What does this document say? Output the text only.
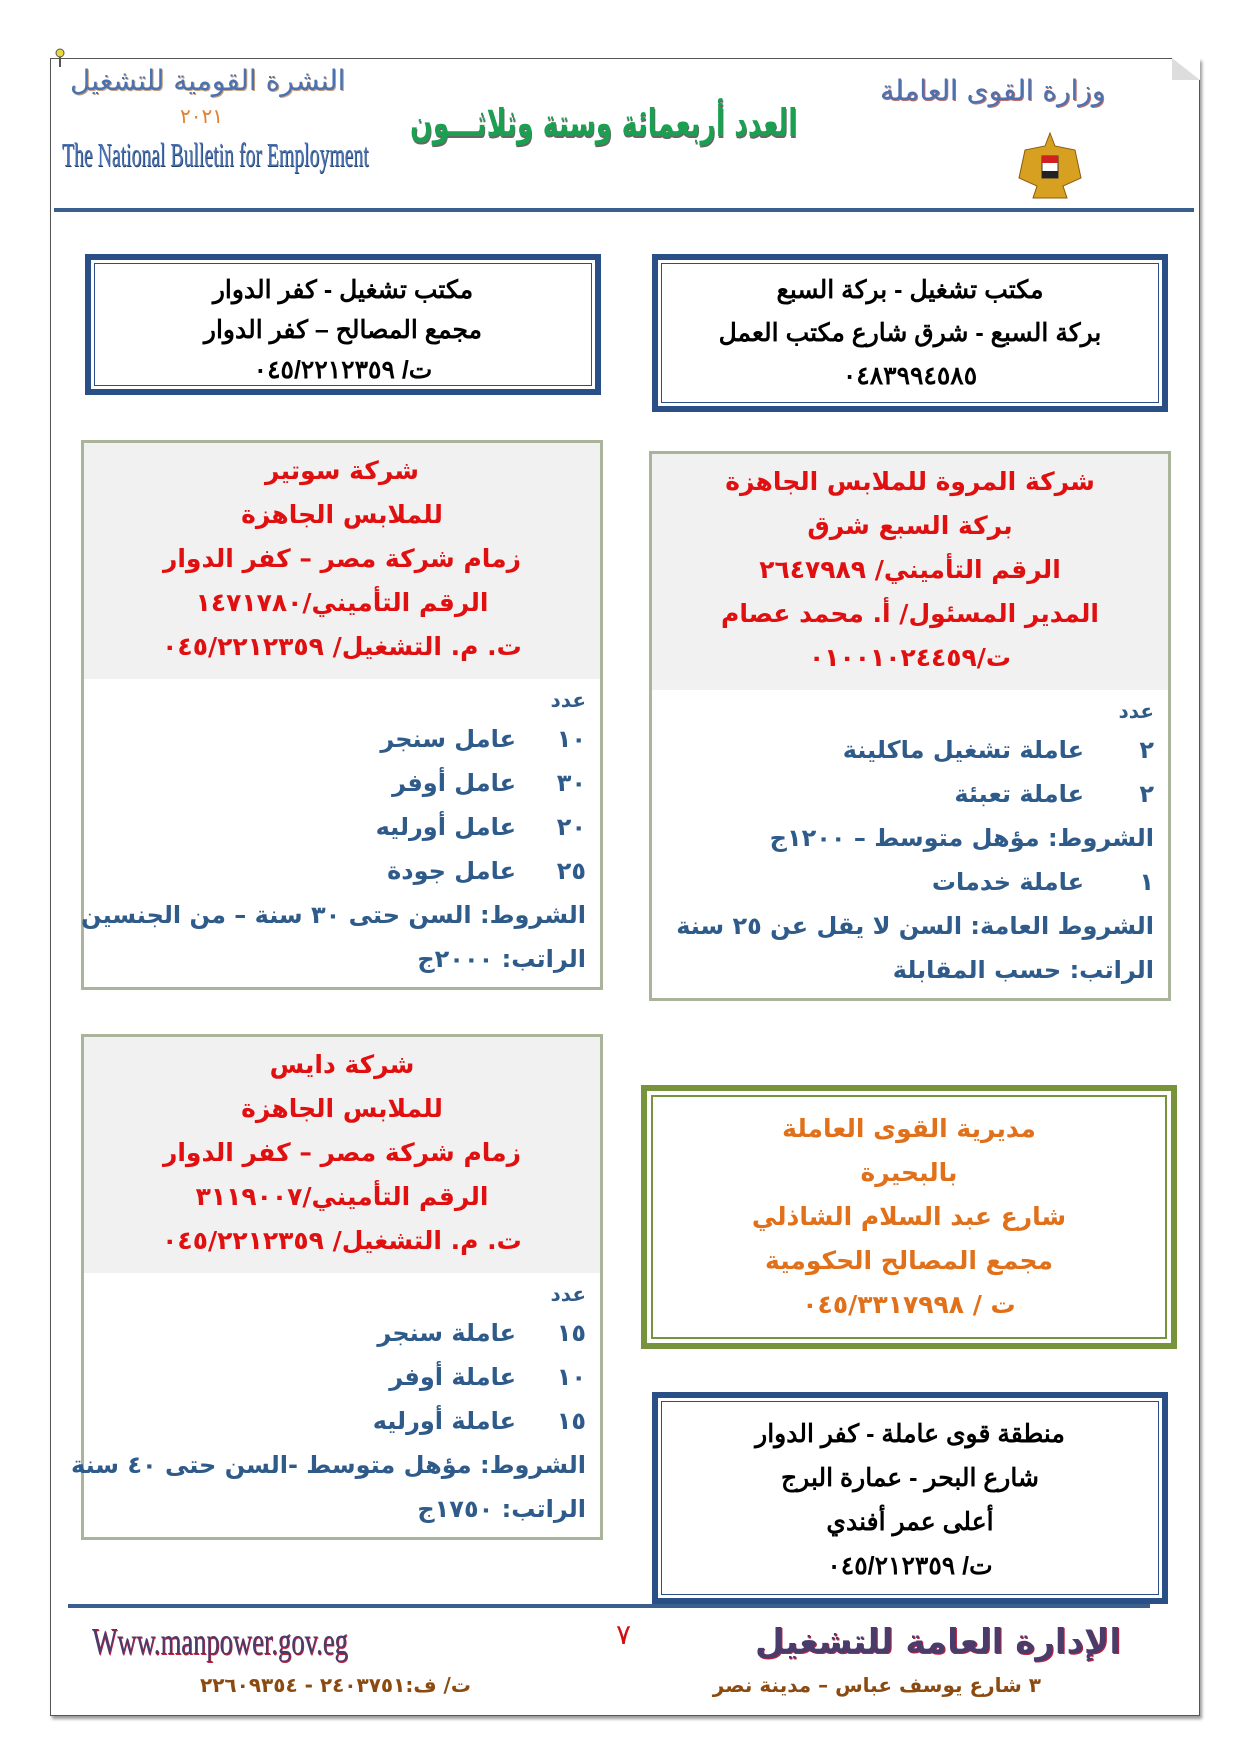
النشرة القومية للتشغيل
٢٠٢١
The National Bulletin for Employment
العدد أربعمائة وستة وثلاثـــون
وزارة القوى العاملة
مكتب تشغيل - كفر الدوار
مجمع المصالح – كفر الدوار
ت/ ٠٤٥/٢٢١٢٣٥٩
مكتب تشغيل - بركة السبع
بركة السبع - شرق شارع مكتب العمل
٠٤٨٣٩٩٤٥٨٥
شركة سوتير
للملابس الجاهزة
زمام شركة مصر – كفر الدوار
الرقم التأميني/١٤٧١٧٨٠
ت. م. التشغيل/ ٠٤٥/٢٢١٢٣٥٩
عدد
١٠عامل سنجر
٣٠عامل أوفر
٢٠عامل أورليه
٢٥عامل جودة
الشروط: السن حتى ٣٠ سنة – من الجنسين
الراتب: ٢٠٠٠ج
شركة المروة للملابس الجاهزة
بركة السبع شرق
الرقم التأميني/ ٢٦٤٧٩٨٩
المدير المسئول/ أ. محمد عصام
ت/٠١٠٠١٠٢٤٤٥٩
عدد
٢عاملة تشغيل ماكلينة
٢عاملة تعبئة
الشروط: مؤهل متوسط – ١٢٠٠ج
١عاملة خدمات
الشروط العامة: السن لا يقل عن ٢٥ سنة
الراتب: حسب المقابلة
شركة دايس
للملابس الجاهزة
زمام شركة مصر – كفر الدوار
الرقم التأميني/٣١١٩٠٠٧
ت. م. التشغيل/ ٠٤٥/٢٢١٢٣٥٩
عدد
١٥عاملة سنجر
١٠عاملة أوفر
١٥عاملة أورليه
الشروط: مؤهل متوسط -السن حتى ٤٠ سنة
الراتب: ١٧٥٠ج
مديرية القوى العاملة
بالبحيرة
شارع عبد السلام الشاذلي
مجمع المصالح الحكومية
ت / ٠٤٥/٣٣١٧٩٩٨
منطقة قوى عاملة - كفر الدوار
شارع البحر - عمارة البرج
أعلى عمر أفندي
ت/ ٠٤٥/٢١٢٣٥٩
Www.manpower.gov.eg
ت/ ف:٢٤٠٣٧٥١ - ٢٢٦٠٩٣٥٤
٧	الإدارة العامة للتشغيل
٣ شارع يوسف عباس – مدينة نصر
